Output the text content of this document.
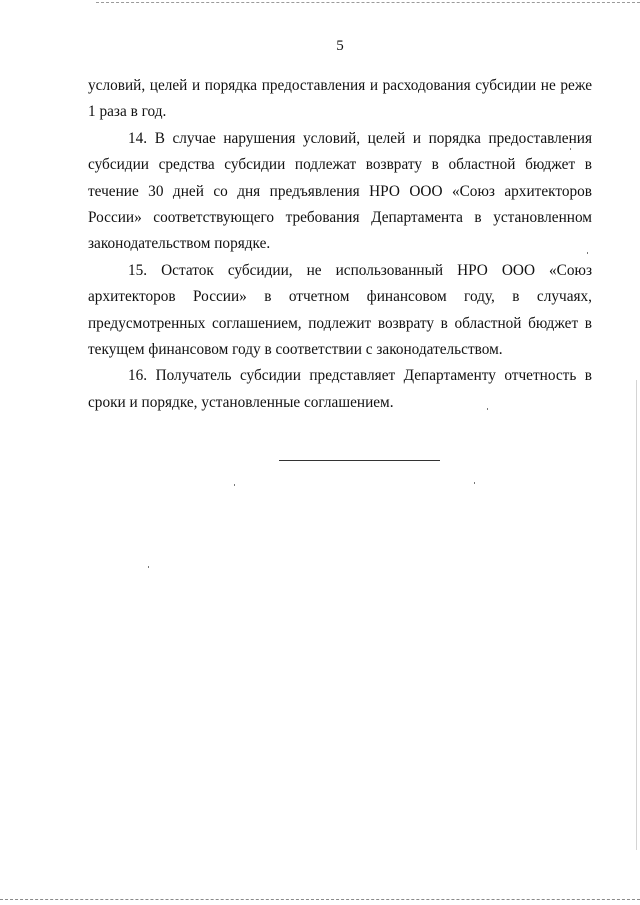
5

условий, целей и порядка предоставления и расходования субсидии не реже 1 раза в год.

14. В случае нарушения условий, целей и порядка предоставления субсидии средства субсидии подлежат возврату в областной бюджет в течение 30 дней со дня предъявления НРО ООО «Союз архитекторов России» соответствующего требования Департамента в установленном законодательством порядке.

15. Остаток субсидии, не использованный НРО ООО «Союз архитекторов России» в отчетном финансовом году, в случаях, предусмотренных соглашением, подлежит возврату в областной бюджет в текущем финансовом году в соответствии с законодательством.

16. Получатель субсидии представляет Департаменту отчетность в сроки и порядке, установленные соглашением.
